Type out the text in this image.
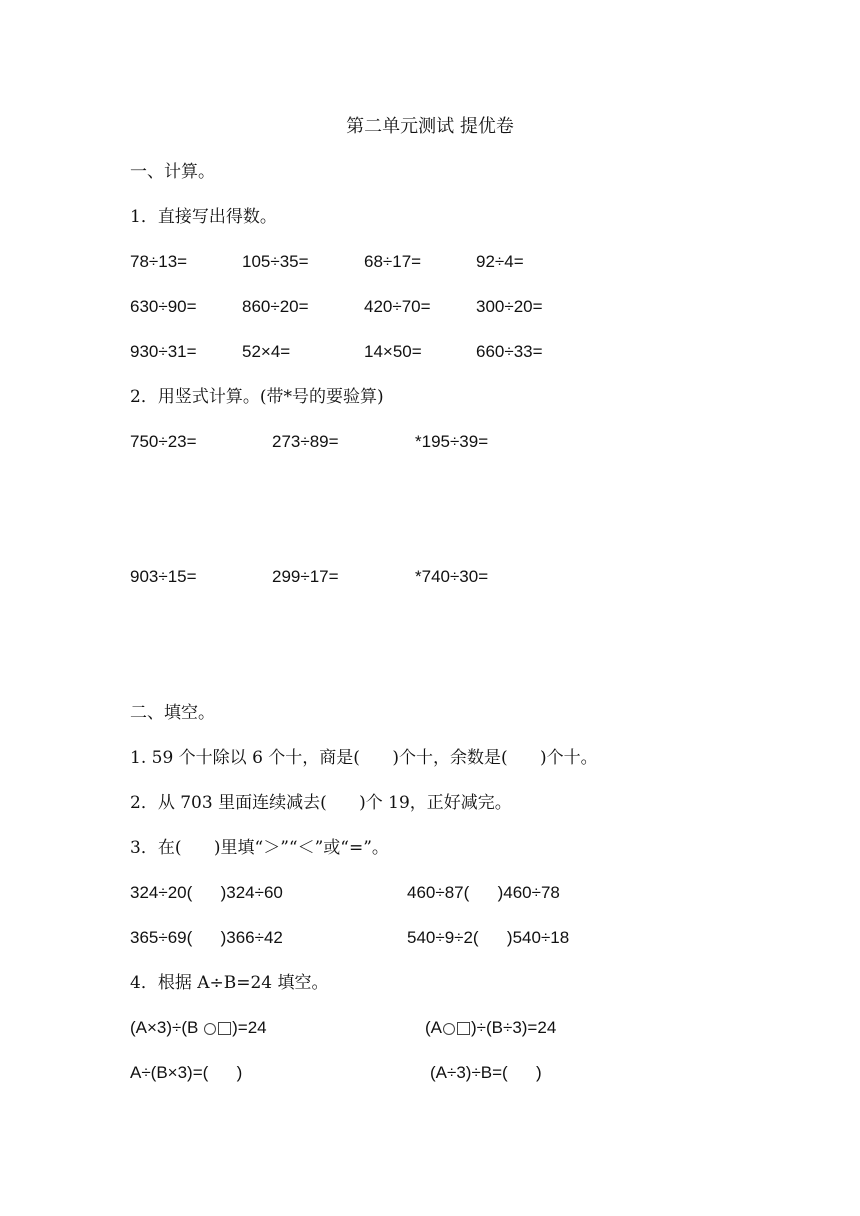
第二单元测试 提优卷
一、计算。
1．直接写出得数。
78÷13=	105÷35=	68÷17=	92÷4=
630÷90=	860÷20=	420÷70=	300÷20=
930÷31=	52×4=	14×50=	660÷33=
2．用竖式计算。(带*号的要验算)
750÷23=	273÷89=	*195÷39=
903÷15=	299÷17=	*740÷30=
二、填空。
1. 59 个十除以 6 个十，商是(      )个十，余数是(      )个十。
2．从 703 里面连续减去(      )个 19，正好减完。
3．在(      )里填“＞”“＜”或“=”。
324÷20(      )324÷60	460÷87(      )460÷78
365÷69(      )366÷42	540÷9÷2(      )540÷18
4．根据 A÷B=24 填空。
(A×3)÷(B )=24	(A )÷(B÷3)=24
A÷(B×3)=(      )	(A÷3)÷B=(      )
